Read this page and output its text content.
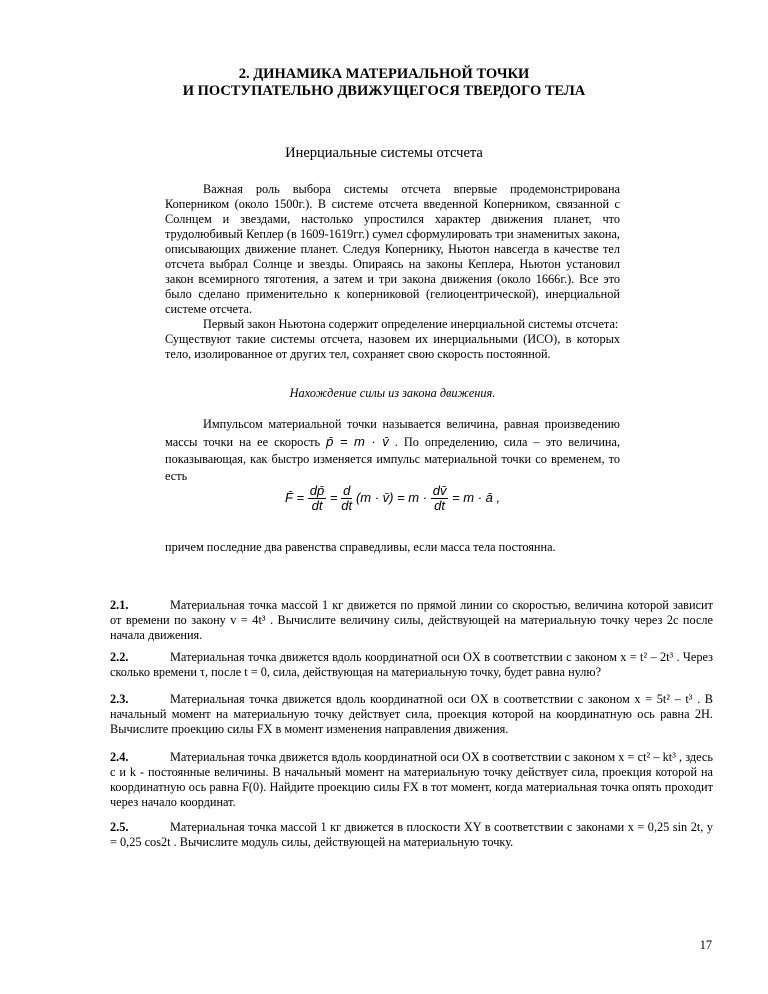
2. ДИНАМИКА МАТЕРИАЛЬНОЙ ТОЧКИ
И ПОСТУПАТЕЛЬНО ДВИЖУЩЕГОСЯ ТВЕРДОГО ТЕЛА
Инерциальные системы отсчета
Важная роль выбора системы отсчета впервые продемонстрирована Коперником (около 1500г.). В системе отсчета введенной Коперником, связанной с Солнцем и звездами, настолько упростился характер движения планет, что трудолюбивый Кеплер (в 1609-1619гг.) сумел сформулировать три знаменитых закона, описывающих движение планет. Следуя Копернику, Ньютон навсегда в качестве тел отсчета выбрал Солнце и звезды. Опираясь на законы Кеплера, Ньютон установил закон всемирного тяготения, а затем и три закона движения (около 1666г.). Все это было сделано применительно к коперниковой (гелиоцентрической), инерциальной системе отсчета.
Первый закон Ньютона содержит определение инерциальной системы отсчета:
Существуют такие системы отсчета, назовем их инерциальными (ИСО), в которых тело, изолированное от других тел, сохраняет свою скорость постоянной.
Нахождение силы из закона движения.
Импульсом материальной точки называется величина, равная произведению массы точки на ее скорость p̄ = m · v̄ . По определению, сила – это величина, показывающая, как быстро изменяется импульс материальной точки со временем, то есть
F̄ = $\frac{dp̄}{dt} = \frac{d}{dt} (m$ · v̄) = $m \cdot \frac{dv̄}{dt} = m$ · ā ,
причем последние два равенства справедливы, если масса тела постоянна.
2.1.	Материальная точка массой 1 кг движется по прямой линии со скоростью, величина которой зависит от времени по закону v = 4t³ . Вычислите величину силы, действующей на материальную точку через 2с после начала движения.
2.2.	Материальная точка движется вдоль координатной оси OX в соответствии с законом x = t² – 2t³ . Через сколько времени τ, после t = 0, сила, действующая на материальную точку, будет равна нулю?
2.3.	Материальная точка движется вдоль координатной оси OX в соответствии с законом x = 5t² – t³ . В начальный момент на материальную точку действует сила, проекция которой на координатную ось равна 2H. Вычислите проекцию силы FX в момент изменения направления движения.
2.4.	Материальная точка движется вдоль координатной оси OX в соответствии с законом x = ct² – kt³ , здесь c и k - постоянные величины. В начальный момент на материальную точку действует сила, проекция которой на координатную ось равна F(0). Найдите проекцию силы FX в тот момент, когда материальная точка опять проходит через начало координат.
2.5.	Материальная точка массой 1 кг движется в плоскости XY в соответствии с законами x = 0,25 sin 2t, y = 0,25 cos2t . Вычислите модуль силы, действующей на материальную точку.
17
